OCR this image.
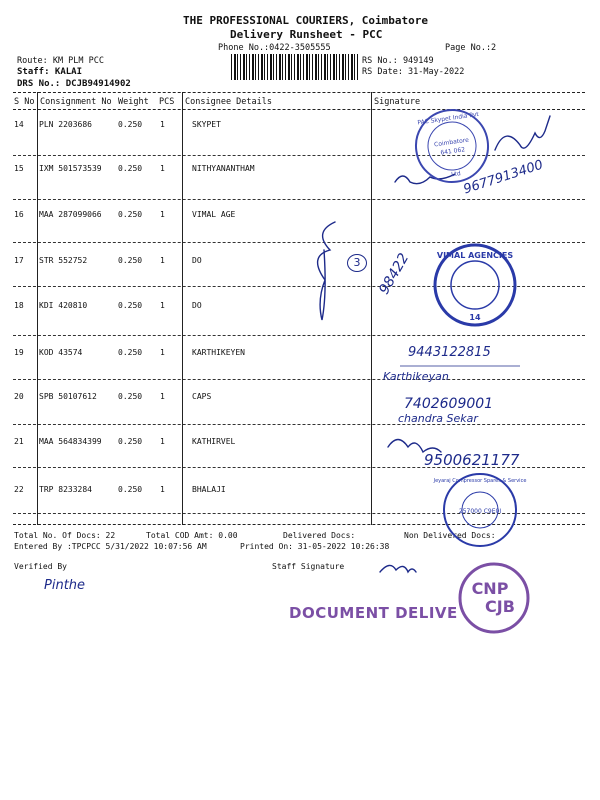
THE PROFESSIONAL COURIERS, Coimbatore
Delivery Runsheet - PCC
Phone No.:0422-3505555	Page No.:2
Route: KM PLM PCC
Staff: KALAI
DRS No.: DCJB94914902
RS No.: 949149
RS Date: 31-May-2022
S No Consignment No Weight PCS Consignee Details	Signature
14 PLN 2203686	0.250 1	SKYPET
15 IXM 501573539 0.250 1	NITHYANANTHAM
16 MAA 287099066 0.250 1	VIMAL AGE
17 STR 552752	0.250 1	DO
18 KDI 420810	0.250 1	DO
19 KOD 43574	0.250 1	KARTHIKEYEN
20 SPB 50107612	0.250 1	CAPS
21 MAA 564834399 0.250 1	KATHIRVEL
22 TRP 8233284	0.250 1	BHALAJI
Total No. Of Docs: 22	Total COD Amt: 0.00	Delivered Docs:	Non Delivered Docs:
Entered By :TPCPCC 5/31/2022 10:07:56 AM	Printed On: 31-05-2022 10:26:38
Verified By	Staff Signature
9677913400
3	98422
9443122815
Karthikeyan
7402609001
chandra Sekar
9500621177
Pinthe
Coimbatore
641 062
PAC Skypet India Pvt
Ltd
VIMAL AGENCIES
14
Jeyaraj Compressor Spares & Service
257000 C9E0I
CNP
CJB
DOCUMENT DELIVE
